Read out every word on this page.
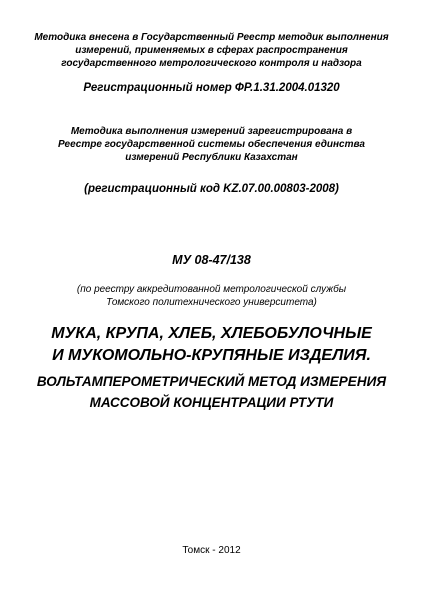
Методика внесена в Государственный Реестр методик выполнения
измерений, применяемых в сферах распространения
государственного метрологического контроля и надзора
Регистрационный номер ФР.1.31.2004.01320
Методика выполнения измерений зарегистрирована в
Реестре государственной системы обеспечения единства
измерений Республики Казахстан
(регистрационный код KZ.07.00.00803-2008)
МУ 08-47/138
(по реестру аккредитованной метрологической службы
Томского политехнического университета)
МУКА, КРУПА, ХЛЕБ, ХЛЕБОБУЛОЧНЫЕ
И МУКОМОЛЬНО-КРУПЯНЫЕ ИЗДЕЛИЯ.
ВОЛЬТАМПЕРОМЕТРИЧЕСКИЙ МЕТОД ИЗМЕРЕНИЯ
МАССОВОЙ КОНЦЕНТРАЦИИ РТУТИ
Томск - 2012
